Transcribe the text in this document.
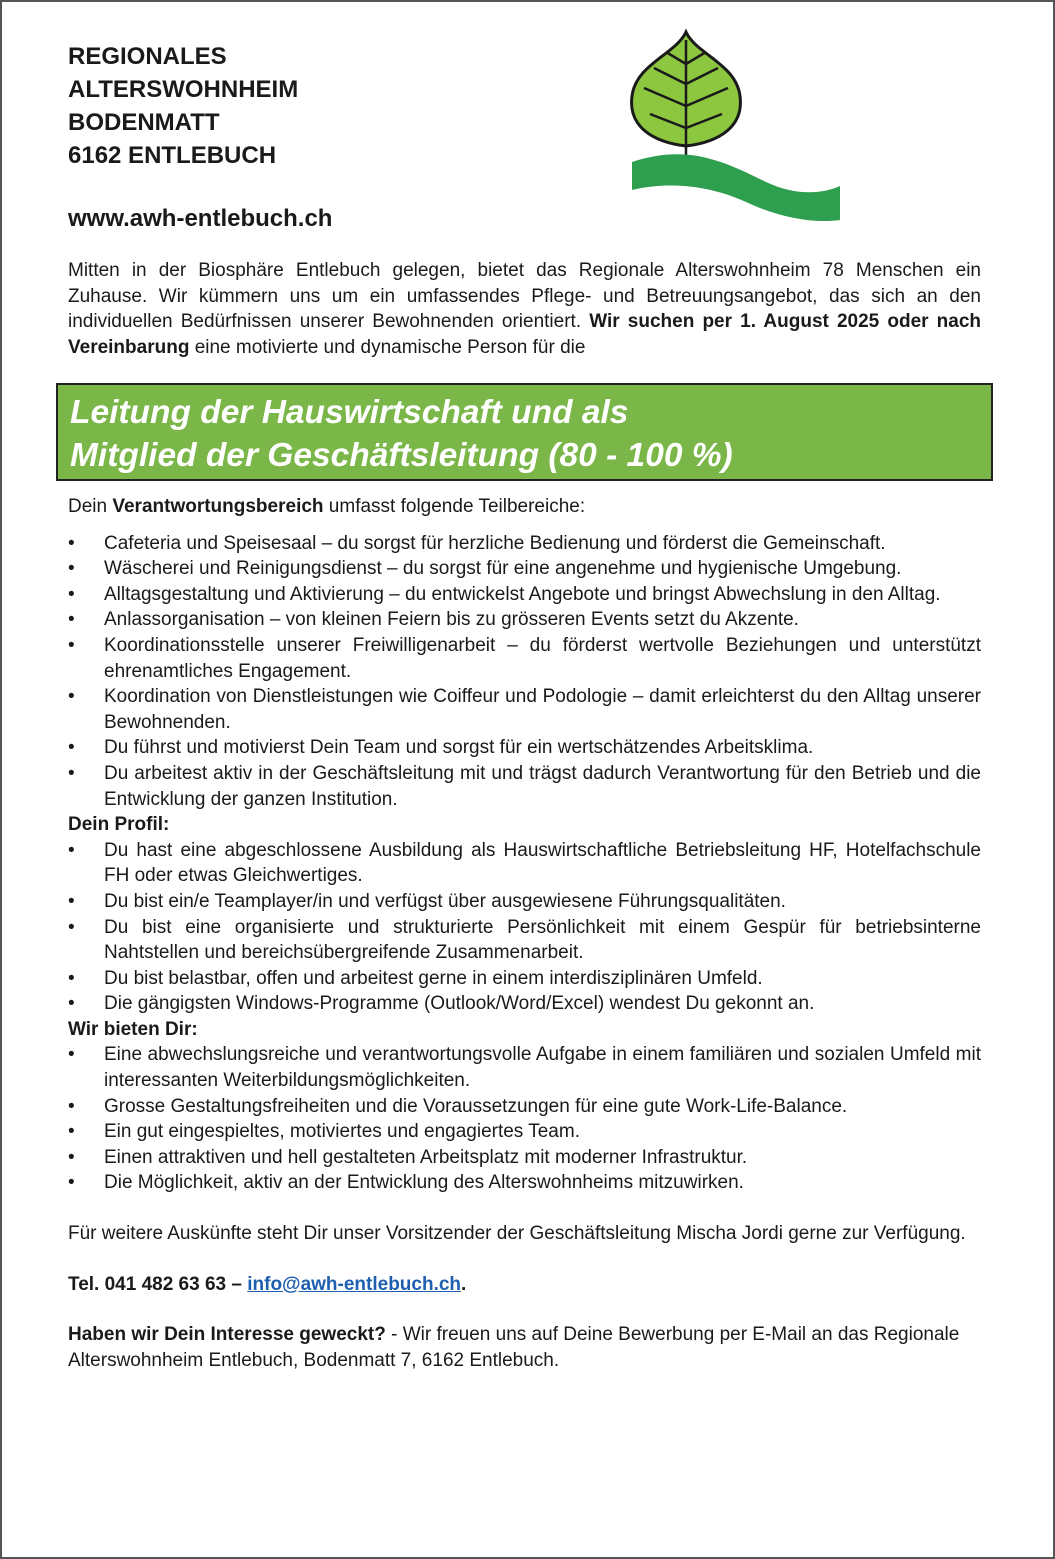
REGIONALES
ALTERSWOHNHEIM
BODENMATT
6162 ENTLEBUCH
www.awh-entlebuch.ch
Mitten in der Biosphäre Entlebuch gelegen, bietet das Regionale Alterswohnheim 78 Menschen ein Zuhause. Wir kümmern uns um ein umfassendes Pflege- und Betreuungsangebot, das sich an den individuellen Bedürfnissen unserer Bewohnenden orientiert. Wir suchen per 1. August 2025 oder nach Vereinbarung eine motivierte und dynamische Person für die
Leitung der Hauswirtschaft und als
Mitglied der Geschäftsleitung (80 - 100 %)

Dein Verantwortungsbereich umfasst folgende Teilbereiche:

• Cafeteria und Speisesaal – du sorgst für herzliche Bedienung und förderst die Gemeinschaft.
• Wäscherei und Reinigungsdienst – du sorgst für eine angenehme und hygienische Umgebung.
• Alltagsgestaltung und Aktivierung – du entwickelst Angebote und bringst Abwechslung in den Alltag.
• Anlassorganisation – von kleinen Feiern bis zu grösseren Events setzt du Akzente.
• Koordinationsstelle unserer Freiwilligenarbeit – du förderst wertvolle Beziehungen und unterstützt ehrenamtliches Engagement.
• Koordination von Dienstleistungen wie Coiffeur und Podologie – damit erleichterst du den Alltag unserer Bewohnenden.
• Du führst und motivierst Dein Team und sorgst für ein wertschätzendes Arbeitsklima.
• Du arbeitest aktiv in der Geschäftsleitung mit und trägst dadurch Verantwortung für den Betrieb und die Entwicklung der ganzen Institution.

Dein Profil:

• Du hast eine abgeschlossene Ausbildung als Hauswirtschaftliche Betriebsleitung HF, Hotelfachschule FH oder etwas Gleichwertiges.
• Du bist ein/e Teamplayer/in und verfügst über ausgewiesene Führungsqualitäten.
• Du bist eine organisierte und strukturierte Persönlichkeit mit einem Gespür für betriebsinterne Nahtstellen und bereichsübergreifende Zusammenarbeit.
• Du bist belastbar, offen und arbeitest gerne in einem interdisziplinären Umfeld.
• Die gängigsten Windows-Programme (Outlook/Word/Excel) wendest Du gekonnt an.

Wir bieten Dir:

• Eine abwechslungsreiche und verantwortungsvolle Aufgabe in einem familiären und sozialen Umfeld mit interessanten Weiterbildungsmöglichkeiten.
• Grosse Gestaltungsfreiheiten und die Voraussetzungen für eine gute Work-Life-Balance.
• Ein gut eingespieltes, motiviertes und engagiertes Team.
• Einen attraktiven und hell gestalteten Arbeitsplatz mit moderner Infrastruktur.
• Die Möglichkeit, aktiv an der Entwicklung des Alterswohnheims mitzuwirken.

Für weitere Auskünfte steht Dir unser Vorsitzender der Geschäftsleitung Mischa Jordi gerne zur Verfügung.

Tel. 041 482 63 63 – info@awh-entlebuch.ch.

Haben wir Dein Interesse geweckt? - Wir freuen uns auf Deine Bewerbung per E-Mail an das Regionale Alterswohnheim Entlebuch, Bodenmatt 7, 6162 Entlebuch.
